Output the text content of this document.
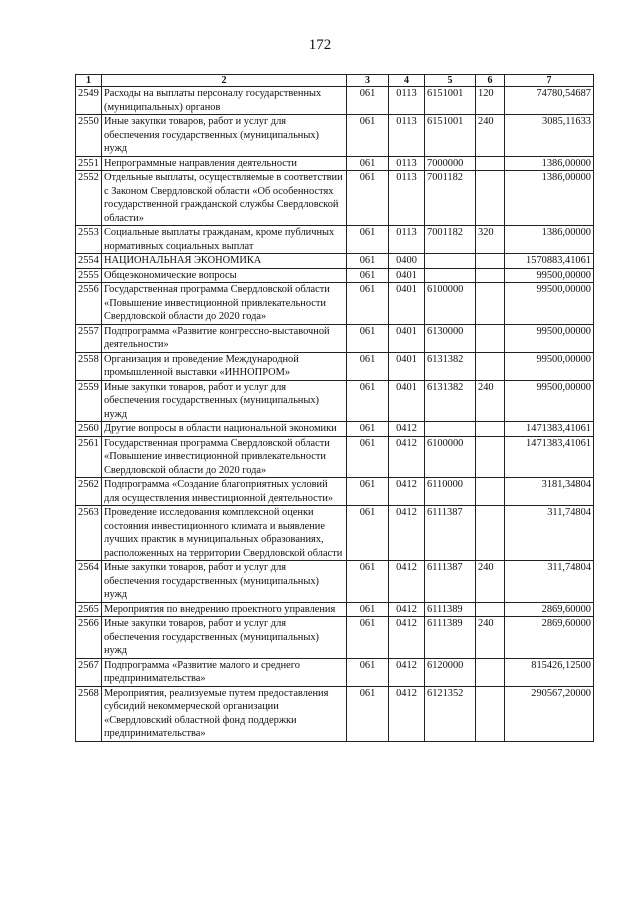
172
1	2	3	4	5	6	7
2549	Расходы на выплаты персоналу государственных (муниципальных) органов	061	0113	6151001	120	74780,54687
2550	Иные закупки товаров, работ и услуг для обеспечения государственных (муниципальных) нужд	061	0113	6151001	240	3085,11633
2551	Непрограммные направления деятельности	061	0113	7000000		1386,00000
2552	Отдельные выплаты, осуществляемые в соответствии с Законом Свердловской области «Об особенностях государственной гражданской службы Свердловской области»	061	0113	7001182		1386,00000
2553	Социальные выплаты гражданам, кроме публичных нормативных социальных выплат	061	0113	7001182	320	1386,00000
2554	НАЦИОНАЛЬНАЯ ЭКОНОМИКА	061	0400			1570883,41061
2555	Общеэкономические вопросы	061	0401			99500,00000
2556	Государственная программа Свердловской области «Повышение инвестиционной привлекательности Свердловской области до 2020 года»	061	0401	6100000		99500,00000
2557	Подпрограмма «Развитие конгрессно-выставочной деятельности»	061	0401	6130000		99500,00000
2558	Организация и проведение Международной промышленной выставки «ИННОПРОМ»	061	0401	6131382		99500,00000
2559	Иные закупки товаров, работ и услуг для обеспечения государственных (муниципальных) нужд	061	0401	6131382	240	99500,00000
2560	Другие вопросы в области национальной экономики	061	0412			1471383,41061
2561	Государственная программа Свердловской области «Повышение инвестиционной привлекательности Свердловской области до 2020 года»	061	0412	6100000		1471383,41061
2562	Подпрограмма «Создание благоприятных условий для осуществления инвестиционной деятельности»	061	0412	6110000		3181,34804
2563	Проведение исследования комплексной оценки состояния инвестиционного климата и выявление лучших практик в муниципальных образованиях, расположенных на территории Свердловской области	061	0412	6111387		311,74804
2564	Иные закупки товаров, работ и услуг для обеспечения государственных (муниципальных) нужд	061	0412	6111387	240	311,74804
2565	Мероприятия по внедрению проектного управления	061	0412	6111389		2869,60000
2566	Иные закупки товаров, работ и услуг для обеспечения государственных (муниципальных) нужд	061	0412	6111389	240	2869,60000
2567	Подпрограмма «Развитие малого и среднего предпринимательства»	061	0412	6120000		815426,12500
2568	Мероприятия, реализуемые путем предоставления субсидий некоммерческой организации «Свердловский областной фонд поддержки предпринимательства»	061	0412	6121352		290567,20000
